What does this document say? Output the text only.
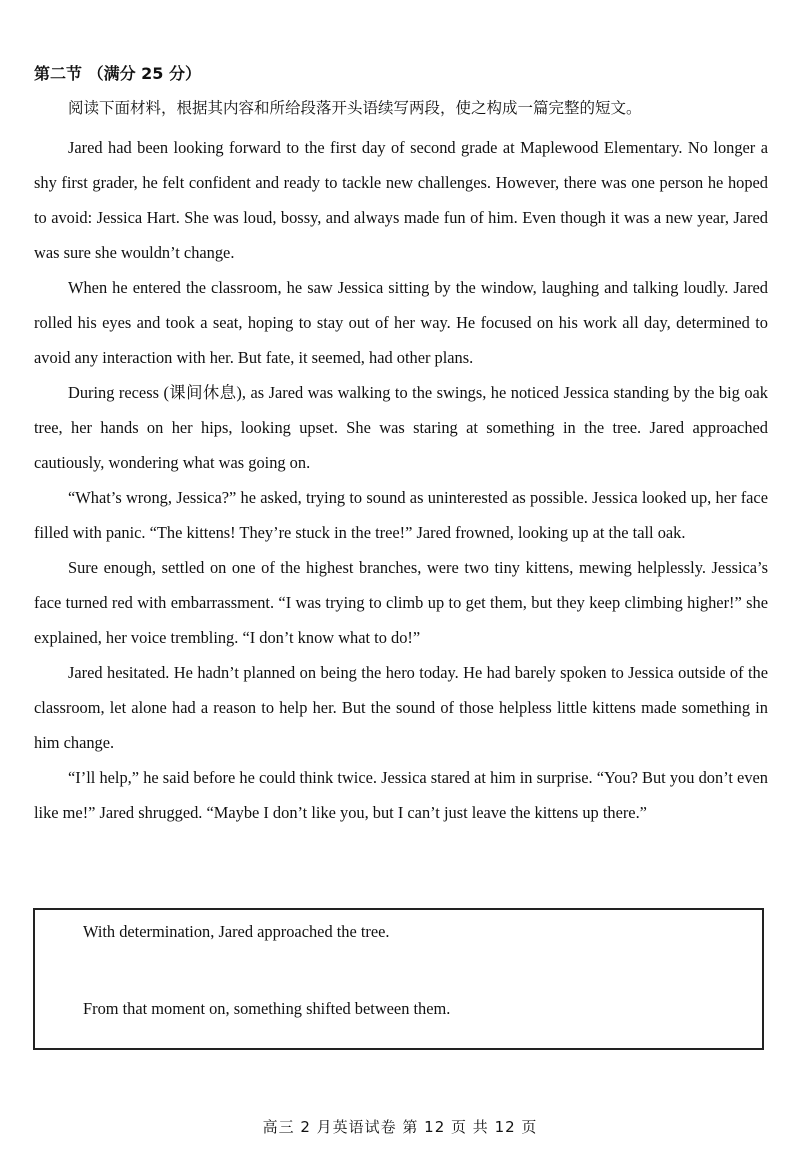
第二节 （满分 25 分）
阅读下面材料，根据其内容和所给段落开头语续写两段，使之构成一篇完整的短文。

Jared had been looking forward to the first day of second grade at Maplewood Elementary. No longer a shy first grader, he felt confident and ready to tackle new challenges. However, there was one person he hoped to avoid: Jessica Hart. She was loud, bossy, and always made fun of him. Even though it was a new year, Jared was sure she wouldn’t change.

When he entered the classroom, he saw Jessica sitting by the window, laughing and talking loudly. Jared rolled his eyes and took a seat, hoping to stay out of her way. He focused on his work all day, determined to avoid any interaction with her. But fate, it seemed, had other plans.

During recess (课间休息), as Jared was walking to the swings, he noticed Jessica standing by the big oak tree, her hands on her hips, looking upset. She was staring at something in the tree. Jared approached cautiously, wondering what was going on.

“What’s wrong, Jessica?” he asked, trying to sound as uninterested as possible. Jessica looked up, her face filled with panic. “The kittens! They’re stuck in the tree!” Jared frowned, looking up at the tall oak.

Sure enough, settled on one of the highest branches, were two tiny kittens, mewing helplessly. Jessica’s face turned red with embarrassment. “I was trying to climb up to get them, but they keep climbing higher!” she explained, her voice trembling. “I don’t know what to do!”

Jared hesitated. He hadn’t planned on being the hero today. He had barely spoken to Jessica outside of the classroom, let alone had a reason to help her. But the sound of those helpless little kittens made something in him change.

“I’ll help,” he said before he could think twice. Jessica stared at him in surprise. “You? But you don’t even like me!” Jared shrugged. “Maybe I don’t like you, but I can’t just leave the kittens up there.”

With determination, Jared approached the tree.
From that moment on, something shifted between them.
高三 2 月英语试卷 第 12 页 共 12 页
